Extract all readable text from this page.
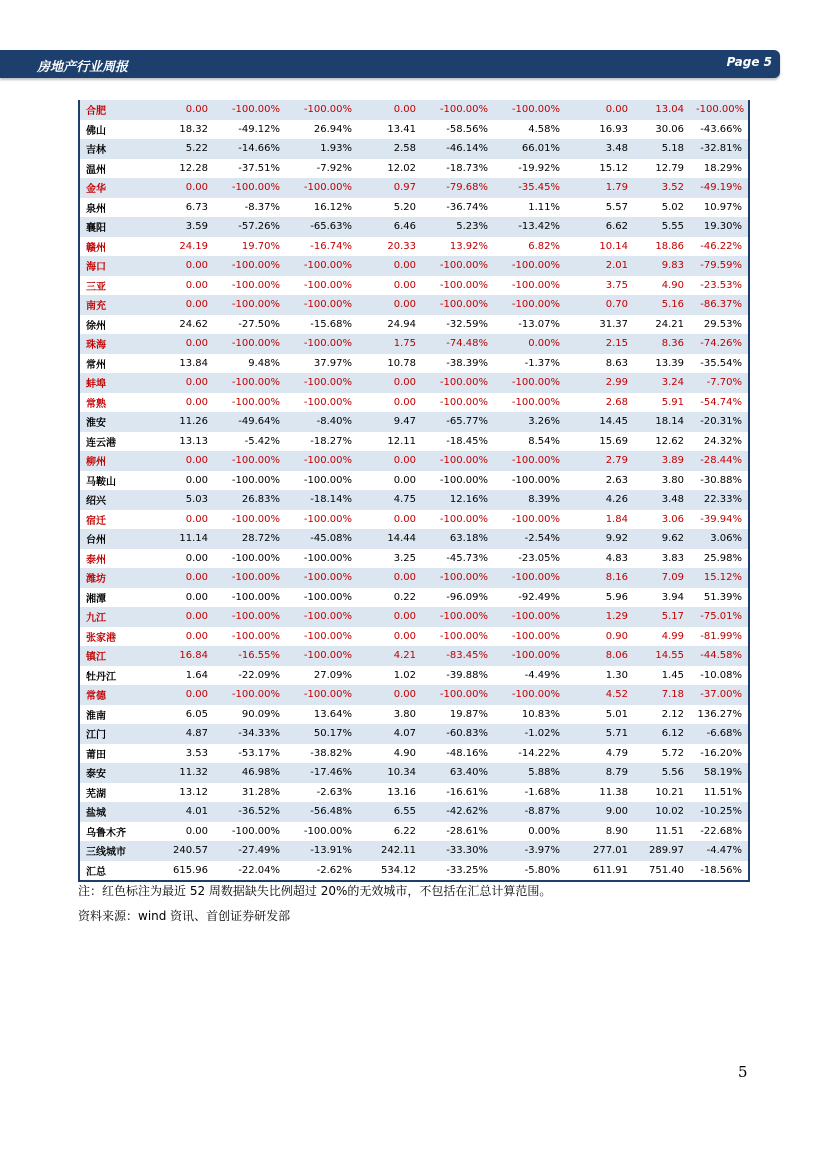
房地产行业周报	Page 5
合肥	0.00	-100.00%	-100.00%	0.00	-100.00%	-100.00%	0.00	13.04	-100.00%
佛山	18.32	-49.12%	26.94%	13.41	-58.56%	4.58%	16.93	30.06	-43.66%
吉林	5.22	-14.66%	1.93%	2.58	-46.14%	66.01%	3.48	5.18	-32.81%
温州	12.28	-37.51%	-7.92%	12.02	-18.73%	-19.92%	15.12	12.79	18.29%
金华	0.00	-100.00%	-100.00%	0.97	-79.68%	-35.45%	1.79	3.52	-49.19%
泉州	6.73	-8.37%	16.12%	5.20	-36.74%	1.11%	5.57	5.02	10.97%
襄阳	3.59	-57.26%	-65.63%	6.46	5.23%	-13.42%	6.62	5.55	19.30%
赣州	24.19	19.70%	-16.74%	20.33	13.92%	6.82%	10.14	18.86	-46.22%
海口	0.00	-100.00%	-100.00%	0.00	-100.00%	-100.00%	2.01	9.83	-79.59%
三亚	0.00	-100.00%	-100.00%	0.00	-100.00%	-100.00%	3.75	4.90	-23.53%
南充	0.00	-100.00%	-100.00%	0.00	-100.00%	-100.00%	0.70	5.16	-86.37%
徐州	24.62	-27.50%	-15.68%	24.94	-32.59%	-13.07%	31.37	24.21	29.53%
珠海	0.00	-100.00%	-100.00%	1.75	-74.48%	0.00%	2.15	8.36	-74.26%
常州	13.84	9.48%	37.97%	10.78	-38.39%	-1.37%	8.63	13.39	-35.54%
蚌埠	0.00	-100.00%	-100.00%	0.00	-100.00%	-100.00%	2.99	3.24	-7.70%
常熟	0.00	-100.00%	-100.00%	0.00	-100.00%	-100.00%	2.68	5.91	-54.74%
淮安	11.26	-49.64%	-8.40%	9.47	-65.77%	3.26%	14.45	18.14	-20.31%
连云港	13.13	-5.42%	-18.27%	12.11	-18.45%	8.54%	15.69	12.62	24.32%
柳州	0.00	-100.00%	-100.00%	0.00	-100.00%	-100.00%	2.79	3.89	-28.44%
马鞍山	0.00	-100.00%	-100.00%	0.00	-100.00%	-100.00%	2.63	3.80	-30.88%
绍兴	5.03	26.83%	-18.14%	4.75	12.16%	8.39%	4.26	3.48	22.33%
宿迁	0.00	-100.00%	-100.00%	0.00	-100.00%	-100.00%	1.84	3.06	-39.94%
台州	11.14	28.72%	-45.08%	14.44	63.18%	-2.54%	9.92	9.62	3.06%
泰州	0.00	-100.00%	-100.00%	3.25	-45.73%	-23.05%	4.83	3.83	25.98%
潍坊	0.00	-100.00%	-100.00%	0.00	-100.00%	-100.00%	8.16	7.09	15.12%
湘潭	0.00	-100.00%	-100.00%	0.22	-96.09%	-92.49%	5.96	3.94	51.39%
九江	0.00	-100.00%	-100.00%	0.00	-100.00%	-100.00%	1.29	5.17	-75.01%
张家港	0.00	-100.00%	-100.00%	0.00	-100.00%	-100.00%	0.90	4.99	-81.99%
镇江	16.84	-16.55%	-100.00%	4.21	-83.45%	-100.00%	8.06	14.55	-44.58%
牡丹江	1.64	-22.09%	27.09%	1.02	-39.88%	-4.49%	1.30	1.45	-10.08%
常德	0.00	-100.00%	-100.00%	0.00	-100.00%	-100.00%	4.52	7.18	-37.00%
淮南	6.05	90.09%	13.64%	3.80	19.87%	10.83%	5.01	2.12	136.27%
江门	4.87	-34.33%	50.17%	4.07	-60.83%	-1.02%	5.71	6.12	-6.68%
莆田	3.53	-53.17%	-38.82%	4.90	-48.16%	-14.22%	4.79	5.72	-16.20%
泰安	11.32	46.98%	-17.46%	10.34	63.40%	5.88%	8.79	5.56	58.19%
芜湖	13.12	31.28%	-2.63%	13.16	-16.61%	-1.68%	11.38	10.21	11.51%
盐城	4.01	-36.52%	-56.48%	6.55	-42.62%	-8.87%	9.00	10.02	-10.25%
乌鲁木齐	0.00	-100.00%	-100.00%	6.22	-28.61%	0.00%	8.90	11.51	-22.68%
三线城市	240.57	-27.49%	-13.91%	242.11	-33.30%	-3.97%	277.01	289.97	-4.47%
汇总	615.96	-22.04%	-2.62%	534.12	-33.25%	-5.80%	611.91	751.40	-18.56%
注：红色标注为最近 52 周数据缺失比例超过 20%的无效城市，不包括在汇总计算范围。
资料来源：wind 资讯、首创证券研发部
5
